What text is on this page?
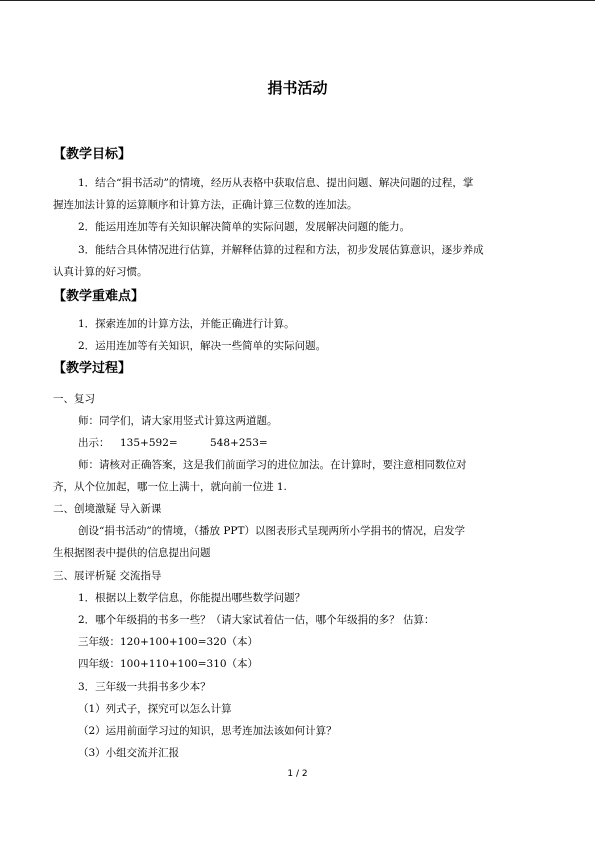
捐书活动
【教学目标】
1．结合“捐书活动”的情境，经历从表格中获取信息、提出问题、解决问题的过程，掌
握连加法计算的运算顺序和计算方法，正确计算三位数的连加法。
2．能运用连加等有关知识解决简单的实际问题，发展解决问题的能力。
3．能结合具体情况进行估算，并解释估算的过程和方法，初步发展估算意识，逐步养成
认真计算的好习惯。
【教学重难点】
1．探索连加的计算方法，并能正确进行计算。
2．运用连加等有关知识，解决一些简单的实际问题。
【教学过程】
一、复习
师：同学们，请大家用竖式计算这两道题。
出示： 135+592=	548+253=
师：请核对正确答案，这是我们前面学习的进位加法。在计算时，要注意相同数位对
齐，从个位加起，哪一位上满十，就向前一位进 1.
二、创境激疑 导入新课
创设“捐书活动”的情境，（播放 PPT）以图表形式呈现两所小学捐书的情况，启发学
生根据图表中提供的信息提出问题
三、展评析疑 交流指导
1．根据以上数学信息，你能提出哪些数学问题？
2．哪个年级捐的书多一些？（请大家试着估一估，哪个年级捐的多？ 估算：
三年级：120+100+100=320（本）
四年级：100+110+100=310（本）
3．三年级一共捐书多少本？
（1）列式子，探究可以怎么计算
（2）运用前面学习过的知识，思考连加法该如何计算？
（3）小组交流并汇报
1 / 2
